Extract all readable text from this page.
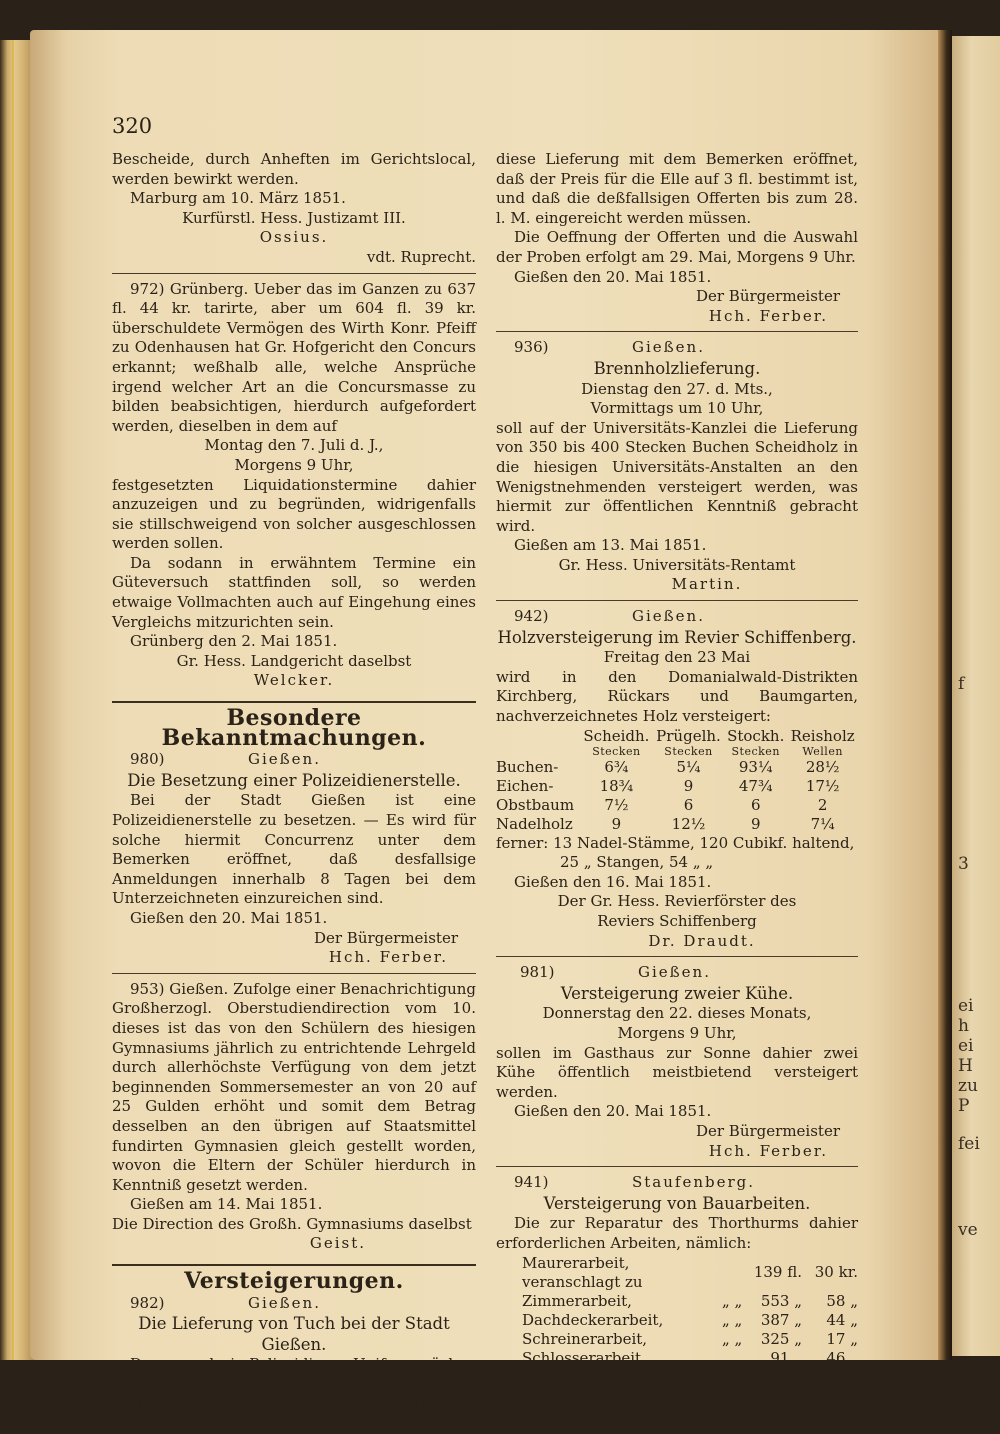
f
3
ei
h
ei
H
zu
P
fei
ve
320

Bescheide, durch Anheften im Gerichtslocal, werden bewirkt werden.

Marburg am 10. März 1851.

Kurfürstl. Hess. Justizamt III.

Ossius.

vdt. Ruprecht.

972) Grünberg. Ueber das im Ganzen zu 637 fl. 44 kr. tarirte, aber um 604 fl. 39 kr. überschuldete Vermögen des Wirth Konr. Pfeiff zu Odenhausen hat Gr. Hofgericht den Concurs erkannt; weßhalb alle, welche Ansprüche irgend welcher Art an die Concursmasse zu bilden beabsichtigen, hierdurch aufgefordert werden, dieselben in dem auf

Montag den 7. Juli d. J.,

Morgens 9 Uhr,

festgesetzten Liquidationstermine dahier anzuzeigen und zu begründen, widrigenfalls sie stillschweigend von solcher ausgeschlossen werden sollen.

Da sodann in erwähntem Termine ein Güteversuch stattfinden soll, so werden etwaige Vollmachten auch auf Eingehung eines Vergleichs mitzurichten sein.

Grünberg den 2. Mai 1851.

Gr. Hess. Landgericht daselbst

Welcker.

Besondere Bekanntmachungen.

980)	Gießen.

Die Besetzung einer Polizeidienerstelle.

Bei der Stadt Gießen ist eine Polizeidienerstelle zu besetzen. — Es wird für solche hiermit Concurrenz unter dem Bemerken eröffnet, daß desfallsige Anmeldungen innerhalb 8 Tagen bei dem Unterzeichneten einzureichen sind.

Gießen den 20. Mai 1851.

Der Bürgermeister

Hch. Ferber.

953) Gießen. Zufolge einer Benachrichtigung Großherzogl. Oberstudiendirection vom 10. dieses ist das von den Schülern des hiesigen Gymnasiums jährlich zu entrichtende Lehrgeld durch allerhöchste Verfügung von dem jetzt beginnenden Sommersemester an von 20 auf 25 Gulden erhöht und somit dem Betrag desselben an den übrigen auf Staatsmittel fundirten Gymnasien gleich gestellt worden, wovon die Eltern der Schüler hierdurch in Kenntniß gesetzt werden.

Gießen am 14. Mai 1851.

Die Direction des Großh. Gymnasiums daselbst

Geist.

Versteigerungen.

982)	Gießen.

Die Lieferung von Tuch bei der Stadt

Gießen.

Das zu drei Polizeidiener-Uniformsröcken erforderliche wollblaue Tuch soll im Soumissionswege angeschafft werden. Es wird daher Concurrenz für

diese Lieferung mit dem Bemerken eröffnet, daß der Preis für die Elle auf 3 fl. bestimmt ist, und daß die deßfallsigen Offerten bis zum 28. l. M. eingereicht werden müssen.

Die Oeffnung der Offerten und die Auswahl der Proben erfolgt am 29. Mai, Morgens 9 Uhr.

Gießen den 20. Mai 1851.

Der Bürgermeister

Hch. Ferber.

936)	Gießen.

Brennholzlieferung.

Dienstag den 27. d. Mts.,

Vormittags um 10 Uhr,

soll auf der Universitäts-Kanzlei die Lieferung von 350 bis 400 Stecken Buchen Scheidholz in die hiesigen Universitäts-Anstalten an den Wenigstnehmenden versteigert werden, was hiermit zur öffentlichen Kenntniß gebracht wird.

Gießen am 13. Mai 1851.

Gr. Hess. Universitäts-Rentamt

Martin.

942)	Gießen.

Holzversteigerung im Revier Schiffenberg.

Freitag den 23 Mai

wird in den Domanialwald-Distrikten Kirchberg, Rückars und Baumgarten, nachverzeichnetes Holz versteigert:

	Scheidh.	Prügelh.	Stockh.	Reisholz
	Stecken	Stecken	Stecken	Wellen
Buchen-	6¾	5¼	93¼	28½
Eichen-	18¾	9	47¾	17½
Obstbaum	7½	6	6	2
Nadelholz	9	12½	9	7¼

ferner: 13 Nadel-Stämme, 120 Cubikf. haltend,

25 „ Stangen, 54 „ „

Gießen den 16. Mai 1851.

Der Gr. Hess. Revierförster des

Reviers Schiffenberg

Dr. Draudt.

981)	Gießen.

Versteigerung zweier Kühe.

Donnerstag den 22. dieses Monats,

Morgens 9 Uhr,

sollen im Gasthaus zur Sonne dahier zwei Kühe öffentlich meistbietend versteigert werden.

Gießen den 20. Mai 1851.

Der Bürgermeister

Hch. Ferber.

941)	Staufenberg.

Versteigerung von Bauarbeiten.

Die zur Reparatur des Thorthurms dahier erforderlichen Arbeiten, nämlich:

Maurerarbeit, veranschlagt zu		139 fl.	30 kr.
Zimmerarbeit,	„ „	553 „	58 „
Dachdeckerarbeit,	„ „	387 „	44 „
Schreinerarbeit,	„ „	325 „	17 „
Schlosserarbeit,	„ „	91 „	46 „
